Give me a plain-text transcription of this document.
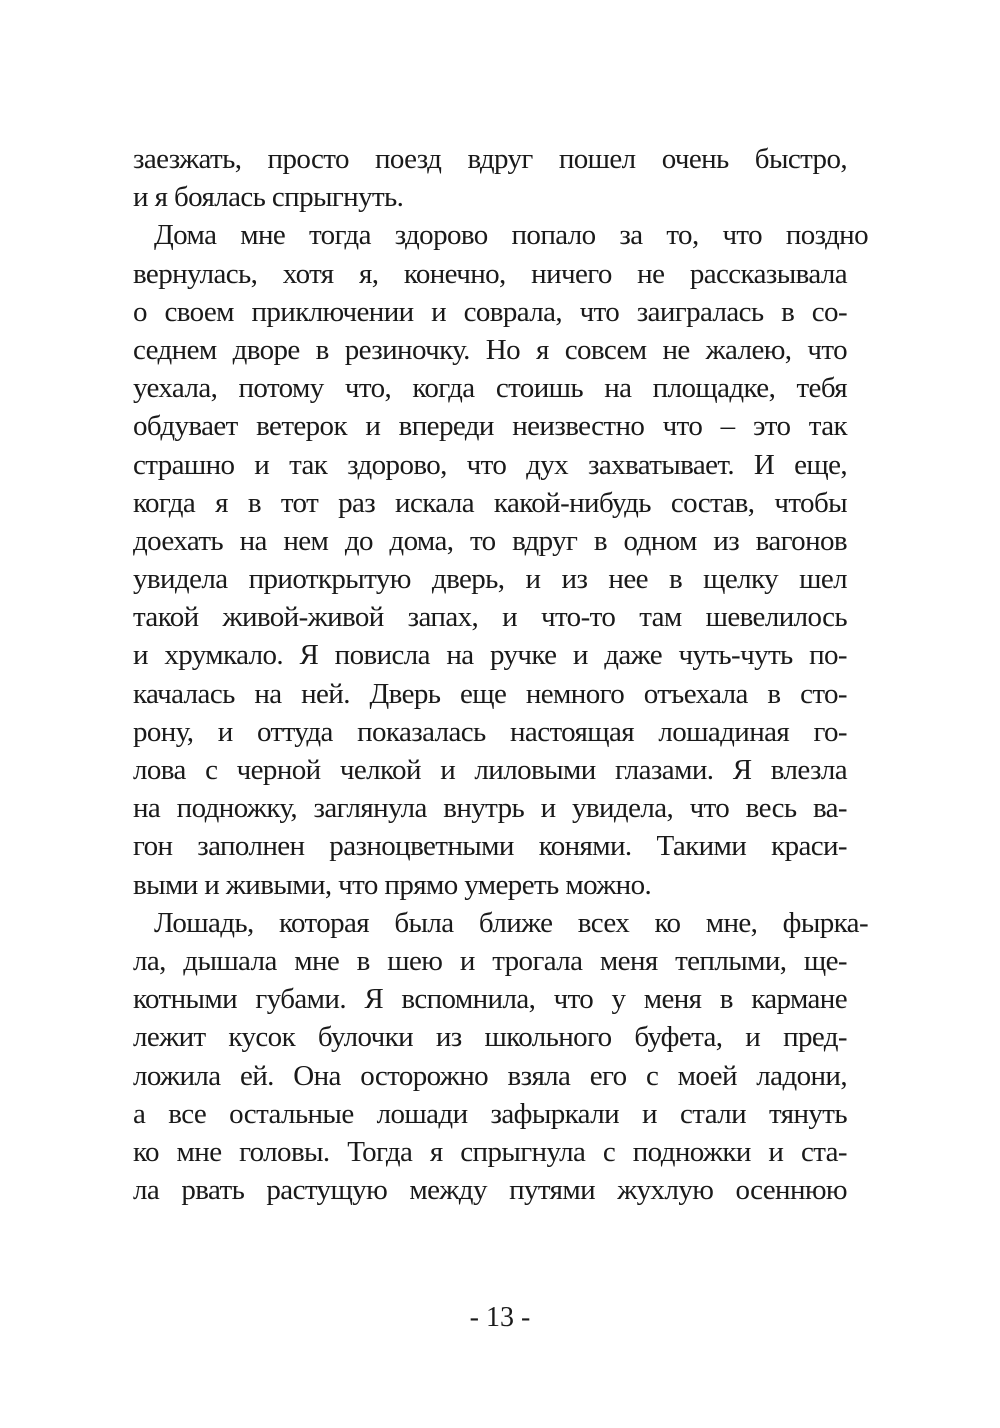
заезжать, просто поезд вдруг пошел очень быстро,
и я боялась спрыгнуть.
Дома мне тогда здорово попало за то, что поздно
вернулась, хотя я, конечно, ничего не рассказывала
о своем приключении и соврала, что заигралась в со-
седнем дворе в резиночку. Но я совсем не жалею, что
уехала, потому что, когда стоишь на площадке, тебя
обдувает ветерок и впереди неизвестно что – это так
страшно и так здорово, что дух захватывает. И еще,
когда я в тот раз искала какой-нибудь состав, чтобы
доехать на нем до дома, то вдруг в одном из вагонов
увидела приоткрытую дверь, и из нее в щелку шел
такой живой-живой запах, и что-то там шевелилось
и хрумкало. Я повисла на ручке и даже чуть-чуть по-
качалась на ней. Дверь еще немного отъехала в сто-
рону, и оттуда показалась настоящая лошадиная го-
лова с черной челкой и лиловыми глазами. Я влезла
на подножку, заглянула внутрь и увидела, что весь ва-
гон заполнен разноцветными конями. Такими краси-
выми и живыми, что прямо умереть можно.
Лошадь, которая была ближе всех ко мне, фырка-
ла, дышала мне в шею и трогала меня теплыми, ще-
котными губами. Я вспомнила, что у меня в кармане
лежит кусок булочки из школьного буфета, и пред-
ложила ей. Она осторожно взяла его с моей ладони,
а все остальные лошади зафыркали и стали тянуть
ко мне головы. Тогда я спрыгнула с подножки и ста-
ла рвать растущую между путями жухлую осеннюю
- 13 -
